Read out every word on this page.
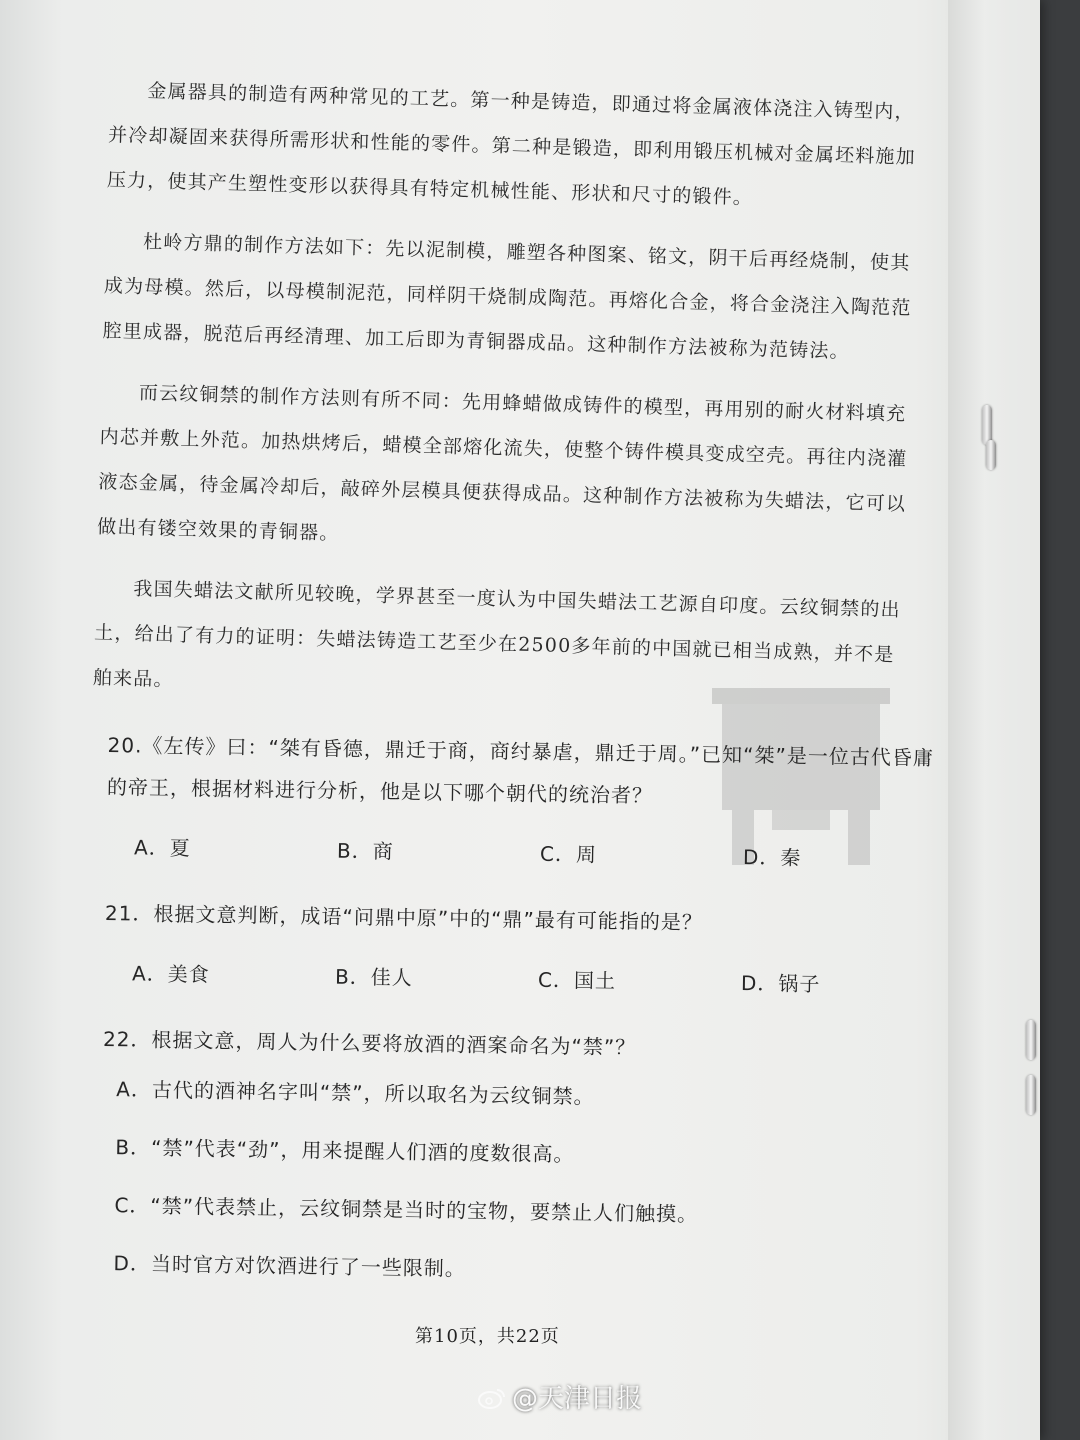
金属器具的制造有两种常见的工艺。第一种是铸造，即通过将金属液体浇注入铸型内，并冷却凝固来获得所需形状和性能的零件。第二种是锻造，即利用锻压机械对金属坯料施加压力，使其产生塑性变形以获得具有特定机械性能、形状和尺寸的锻件。

杜岭方鼎的制作方法如下：先以泥制模，雕塑各种图案、铭文，阴干后再经烧制，使其成为母模。然后，以母模制泥范，同样阴干烧制成陶范。再熔化合金，将合金浇注入陶范范腔里成器，脱范后再经清理、加工后即为青铜器成品。这种制作方法被称为范铸法。

而云纹铜禁的制作方法则有所不同：先用蜂蜡做成铸件的模型，再用别的耐火材料填充内芯并敷上外范。加热烘烤后，蜡模全部熔化流失，使整个铸件模具变成空壳。再往内浇灌液态金属，待金属冷却后，敲碎外层模具便获得成品。这种制作方法被称为失蜡法，它可以做出有镂空效果的青铜器。

我国失蜡法文献所见较晚，学界甚至一度认为中国失蜡法工艺源自印度。云纹铜禁的出土，给出了有力的证明：失蜡法铸造工艺至少在2500多年前的中国就已相当成熟，并不是舶来品。

20.《左传》曰：“桀有昏德，鼎迁于商，商纣暴虐，鼎迁于周。”已知“桀”是一位古代昏庸的帝王，根据材料进行分析，他是以下哪个朝代的统治者？

A．夏	B．商	C．周	D．秦

21．根据文意判断，成语“问鼎中原”中的“鼎”最有可能指的是？

A．美食	B．佳人	C．国土	D．锅子

22．根据文意，周人为什么要将放酒的酒案命名为“禁”？

A．古代的酒神名字叫“禁”，所以取名为云纹铜禁。

B．“禁”代表“劲”，用来提醒人们酒的度数很高。

C．“禁”代表禁止，云纹铜禁是当时的宝物，要禁止人们触摸。

D．当时官方对饮酒进行了一些限制。

第10页，共22页
@天津日报
